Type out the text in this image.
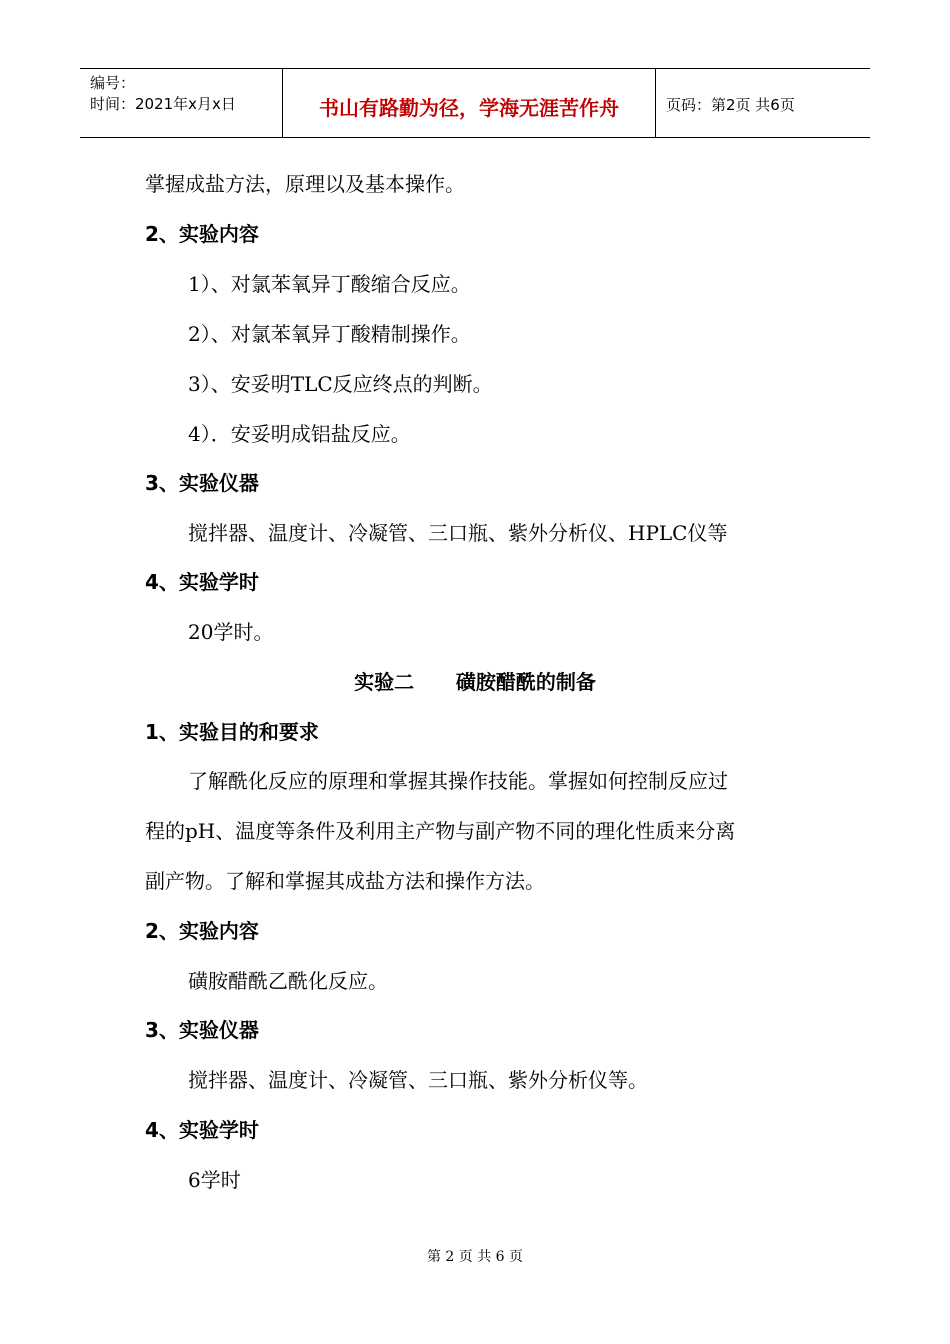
编号：
时间：2021年x月x日	书山有路勤为径，学海无涯苦作舟	页码：第2页 共6页
掌握成盐方法，原理以及基本操作。
2、实验内容
1）、对氯苯氧异丁酸缩合反应。
2）、对氯苯氧异丁酸精制操作。
3）、安妥明TLC反应终点的判断。
4）．安妥明成铝盐反应。
3、实验仪器
搅拌器、温度计、冷凝管、三口瓶、紫外分析仪、HPLC仪等
4、实验学时
20学时。
实验二      磺胺醋酰的制备
1、实验目的和要求
了解酰化反应的原理和掌握其操作技能。掌握如何控制反应过
程的pH、温度等条件及利用主产物与副产物不同的理化性质来分离
副产物。了解和掌握其成盐方法和操作方法。
2、实验内容
磺胺醋酰乙酰化反应。
3、实验仪器
搅拌器、温度计、冷凝管、三口瓶、紫外分析仪等。
4、实验学时
6学时
第 2 页 共 6 页
